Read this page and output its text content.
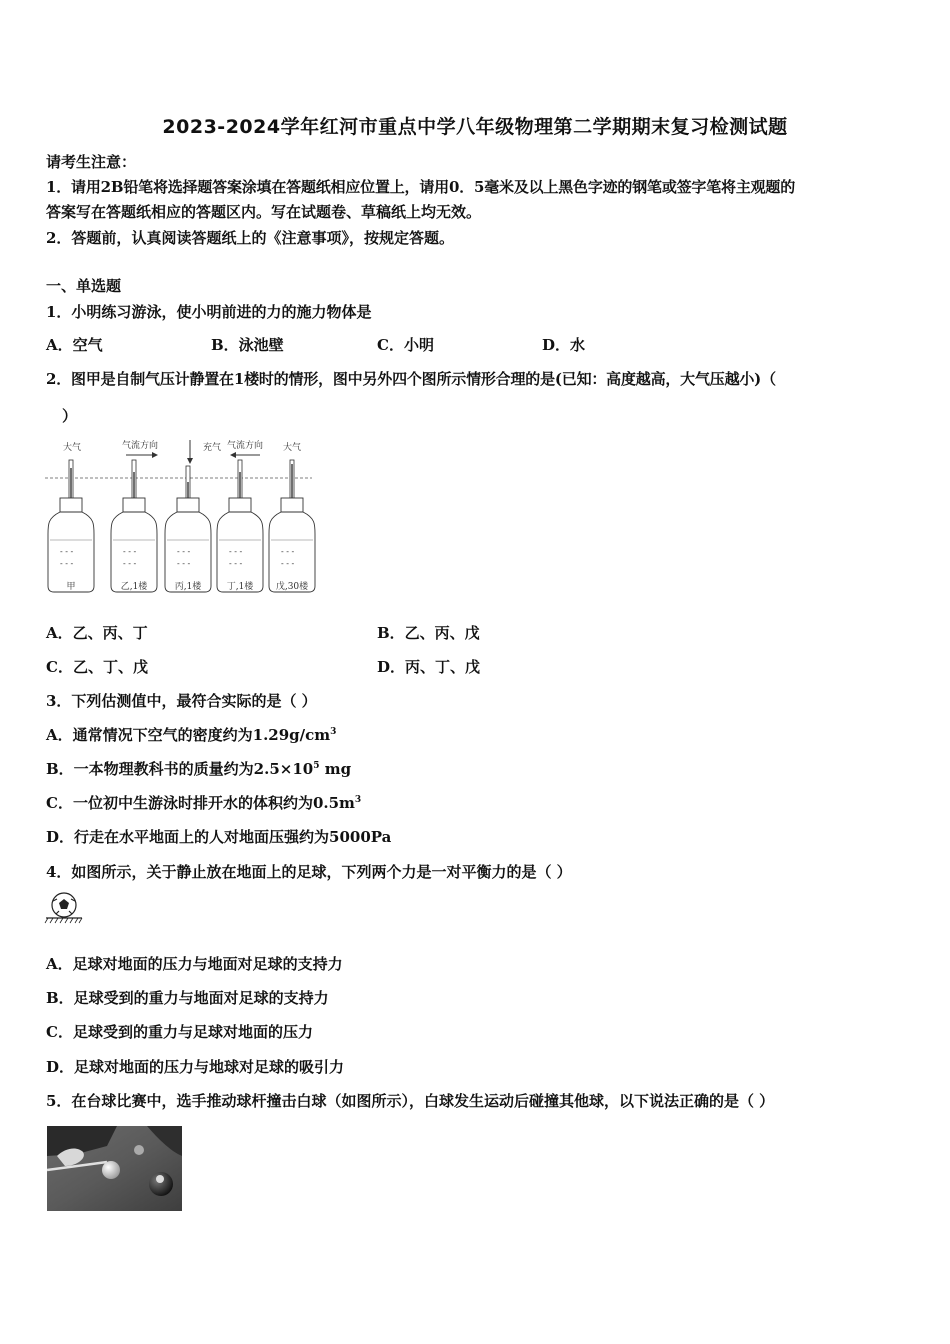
2023-2024学年红河市重点中学八年级物理第二学期期末复习检测试题
请考生注意：
1．请用2B铅笔将选择题答案涂填在答题纸相应位置上，请用0．5毫米及以上黑色字迹的钢笔或签字笔将主观题的
答案写在答题纸相应的答题区内。写在试题卷、草稿纸上均无效。
2．答题前，认真阅读答题纸上的《注意事项》，按规定答题。
一、单选题
1．小明练习游泳，使小明前进的力的施力物体是
A．空气	B．泳池壁	C．小明	D．水
2．图甲是自制气压计静置在1楼时的情形，图中另外四个图所示情形合理的是(已知：高度越高，大气压越小)（
）
大气	气流方向	充气 气流方向 大气
- - -
- - -
- - -
- - -
- - -
- - -
- - -
- - -
- - -
- - -
甲	乙,1楼	丙,1楼	丁,1楼	戊,30楼
A．乙、丙、丁	B．乙、丙、戊
C．乙、丁、戊	D．丙、丁、戊
3．下列估测值中，最符合实际的是（ ）
A．通常情况下空气的密度约为$1.29g/cm^3$
B．一本物理教科书的质量约为$2.5\times 10^5$ mg
C．一位初中生游泳时排开水的体积约为$0.5m^3$
D．行走在水平地面上的人对地面压强约为5000Pa
4．如图所示，关于静止放在地面上的足球，下列两个力是一对平衡力的是（ ）
A．足球对地面的压力与地面对足球的支持力
B．足球受到的重力与地面对足球的支持力
C．足球受到的重力与足球对地面的压力
D．足球对地面的压力与地球对足球的吸引力
5．在台球比赛中，选手推动球杆撞击白球（如图所示），白球发生运动后碰撞其他球，以下说法正确的是（ ）
